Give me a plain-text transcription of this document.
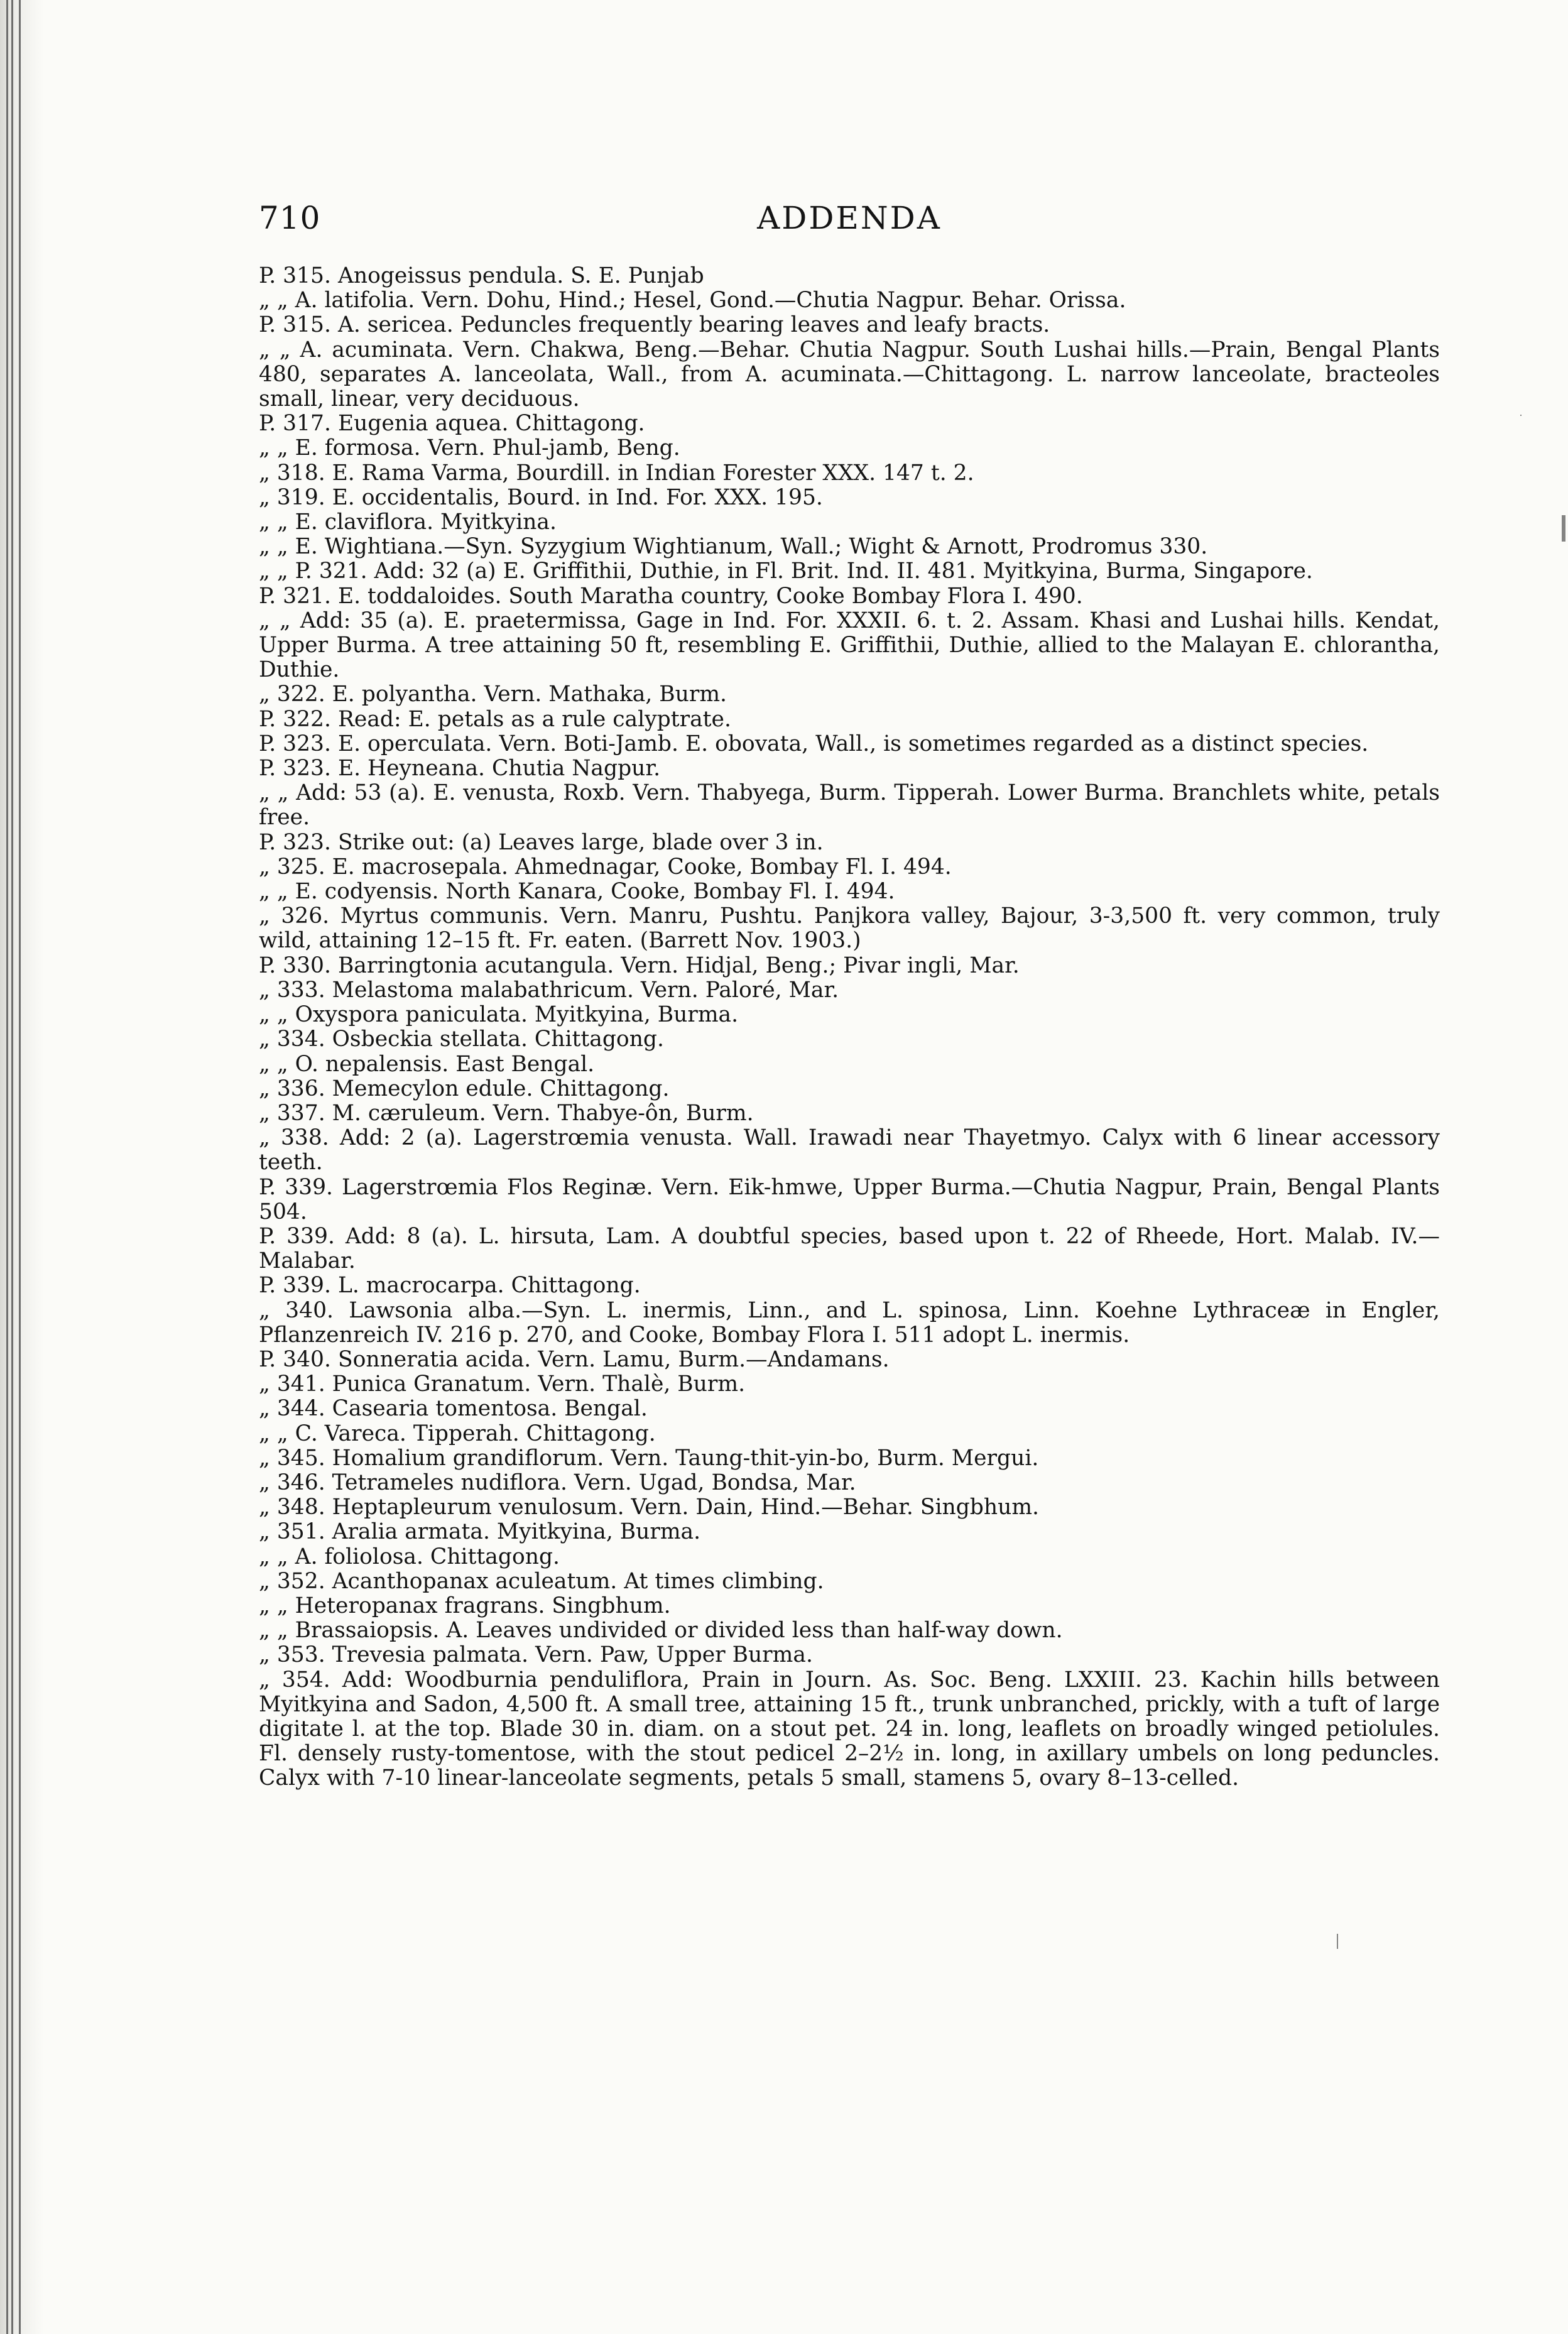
710	ADDENDA

P. 315. Anogeissus pendula. S. E. Punjab

„ „ A. latifolia. Vern. Dohu, Hind.; Hesel, Gond.—Chutia Nagpur. Behar. Orissa.

P. 315. A. sericea. Peduncles frequently bearing leaves and leafy bracts.

„ „ A. acuminata. Vern. Chakwa, Beng.—Behar. Chutia Nagpur. South Lushai hills.—Prain, Bengal Plants 480, separates A. lanceolata, Wall., from A. acuminata.—Chittagong. L. narrow lanceolate, bracteoles small, linear, very deciduous.

P. 317. Eugenia aquea. Chittagong.

„ „ E. formosa. Vern. Phul-jamb, Beng.

„ 318. E. Rama Varma, Bourdill. in Indian Forester XXX. 147 t. 2.

„ 319. E. occidentalis, Bourd. in Ind. For. XXX. 195.

„ „ E. claviflora. Myitkyina.

„ „ E. Wightiana.—Syn. Syzygium Wightianum, Wall.; Wight & Arnott, Prodromus 330.

„ „ P. 321. Add: 32 (a) E. Griffithii, Duthie, in Fl. Brit. Ind. II. 481. Myitkyina, Burma, Singapore.

P. 321. E. toddaloides. South Maratha country, Cooke Bombay Flora I. 490.

„ „ Add: 35 (a). E. praetermissa, Gage in Ind. For. XXXII. 6. t. 2. Assam. Khasi and Lushai hills. Kendat, Upper Burma. A tree attaining 50 ft, resembling E. Griffithii, Duthie, allied to the Malayan E. chlorantha, Duthie.

„ 322. E. polyantha. Vern. Mathaka, Burm.

P. 322. Read: E. petals as a rule calyptrate.

P. 323. E. operculata. Vern. Boti-Jamb. E. obovata, Wall., is sometimes regarded as a distinct species.

P. 323. E. Heyneana. Chutia Nagpur.

„ „ Add: 53 (a). E. venusta, Roxb. Vern. Thabyega, Burm. Tipperah. Lower Burma. Branchlets white, petals free.

P. 323. Strike out: (a) Leaves large, blade over 3 in.

„ 325. E. macrosepala. Ahmednagar, Cooke, Bombay Fl. I. 494.

„ „ E. codyensis. North Kanara, Cooke, Bombay Fl. I. 494.

„ 326. Myrtus communis. Vern. Manru, Pushtu. Panjkora valley, Bajour, 3-3,500 ft. very common, truly wild, attaining 12–15 ft. Fr. eaten. (Barrett Nov. 1903.)

P. 330. Barringtonia acutangula. Vern. Hidjal, Beng.; Pivar ingli, Mar.

„ 333. Melastoma malabathricum. Vern. Paloré, Mar.

„ „ Oxyspora paniculata. Myitkyina, Burma.

„ 334. Osbeckia stellata. Chittagong.

„ „ O. nepalensis. East Bengal.

„ 336. Memecylon edule. Chittagong.

„ 337. M. cæruleum. Vern. Thabye-ôn, Burm.

„ 338. Add: 2 (a). Lagerstrœmia venusta. Wall. Irawadi near Thayetmyo. Calyx with 6 linear accessory teeth.

P. 339. Lagerstrœmia Flos Reginæ. Vern. Eik-hmwe, Upper Burma.—Chutia Nagpur, Prain, Bengal Plants 504.

P. 339. Add: 8 (a). L. hirsuta, Lam. A doubtful species, based upon t. 22 of Rheede, Hort. Malab. IV.—Malabar.

P. 339. L. macrocarpa. Chittagong.

„ 340. Lawsonia alba.—Syn. L. inermis, Linn., and L. spinosa, Linn. Koehne Lythraceæ in Engler, Pflanzenreich IV. 216 p. 270, and Cooke, Bombay Flora I. 511 adopt L. inermis.

P. 340. Sonneratia acida. Vern. Lamu, Burm.—Andamans.

„ 341. Punica Granatum. Vern. Thalè, Burm.

„ 344. Casearia tomentosa. Bengal.

„ „ C. Vareca. Tipperah. Chittagong.

„ 345. Homalium grandiflorum. Vern. Taung-thit-yin-bo, Burm. Mergui.

„ 346. Tetrameles nudiflora. Vern. Ugad, Bondsa, Mar.

„ 348. Heptapleurum venulosum. Vern. Dain, Hind.—Behar. Singbhum.

„ 351. Aralia armata. Myitkyina, Burma.

„ „ A. foliolosa. Chittagong.

„ 352. Acanthopanax aculeatum. At times climbing.

„ „ Heteropanax fragrans. Singbhum.

„ „ Brassaiopsis. A. Leaves undivided or divided less than half-way down.

„ 353. Trevesia palmata. Vern. Paw, Upper Burma.

„ 354. Add: Woodburnia penduliflora, Prain in Journ. As. Soc. Beng. LXXIII. 23. Kachin hills between Myitkyina and Sadon, 4,500 ft. A small tree, attaining 15 ft., trunk unbranched, prickly, with a tuft of large digitate l. at the top. Blade 30 in. diam. on a stout pet. 24 in. long, leaflets on broadly winged petiolules. Fl. densely rusty-tomentose, with the stout pedicel 2–2½ in. long, in axillary umbels on long peduncles. Calyx with 7-10 linear-lanceolate segments, petals 5 small, stamens 5, ovary 8–13-celled.
